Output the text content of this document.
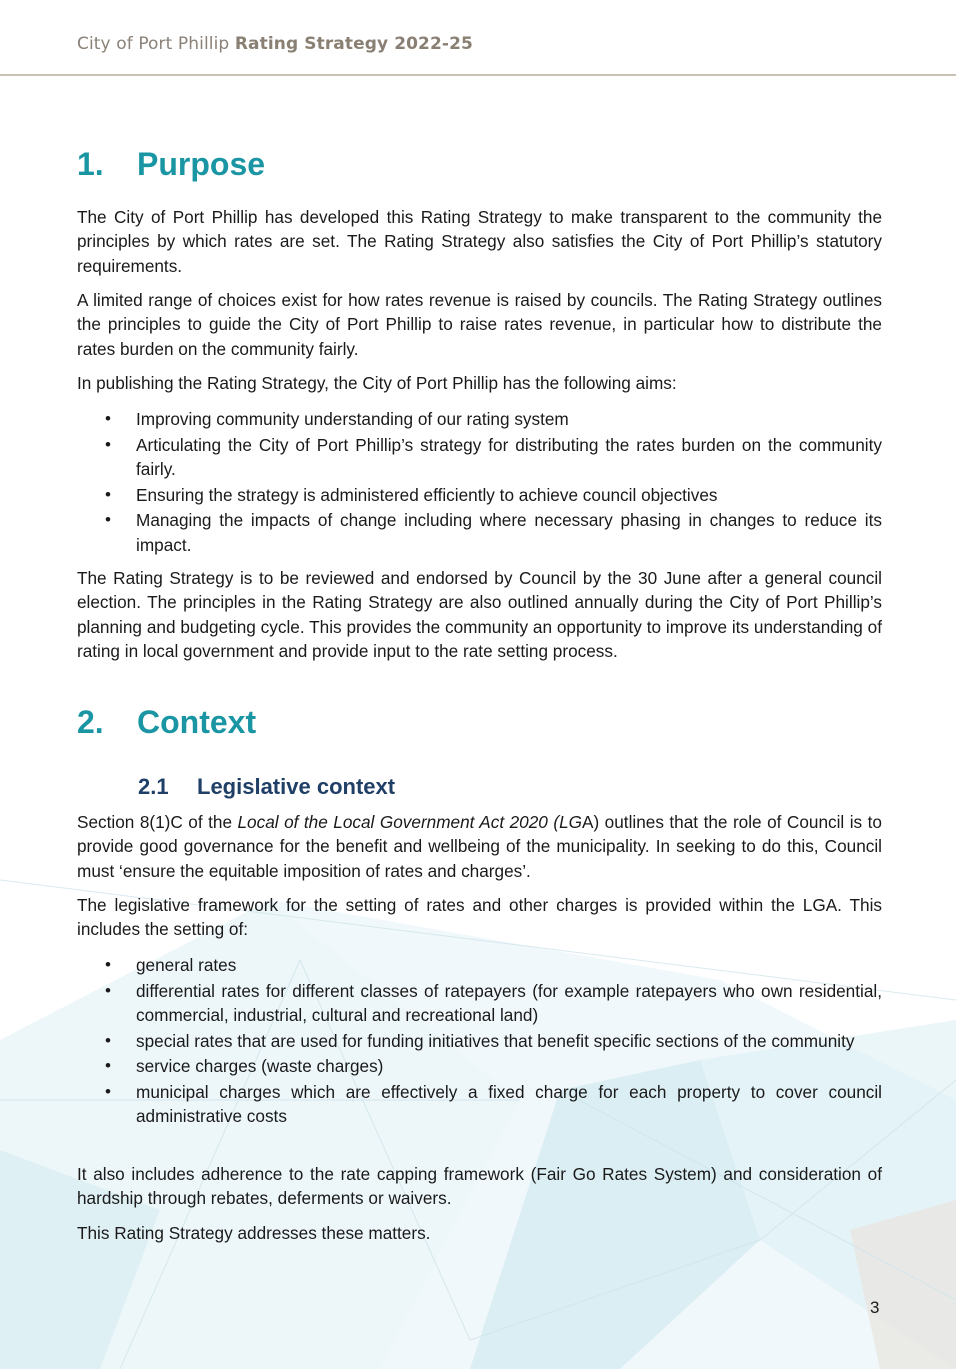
City of Port Phillip Rating Strategy 2022-25
1. Purpose

The City of Port Phillip has developed this Rating Strategy to make transparent to the community the principles by which rates are set. The Rating Strategy also satisfies the City of Port Phillip’s statutory requirements.

A limited range of choices exist for how rates revenue is raised by councils. The Rating Strategy outlines the principles to guide the City of Port Phillip to raise rates revenue, in particular how to distribute the rates burden on the community fairly.

In publishing the Rating Strategy, the City of Port Phillip has the following aims:

• Improving community understanding of our rating system
• Articulating the City of Port Phillip’s strategy for distributing the rates burden on the community fairly.
• Ensuring the strategy is administered efficiently to achieve council objectives
• Managing the impacts of change including where necessary phasing in changes to reduce its impact.

The Rating Strategy is to be reviewed and endorsed by Council by the 30 June after a general council election. The principles in the Rating Strategy are also outlined annually during the City of Port Phillip’s planning and budgeting cycle. This provides the community an opportunity to improve its understanding of rating in local government and provide input to the rate setting process.

2. Context
2.1 Legislative context

Section 8(1)C of the Local of the Local Government Act 2020 (LGA) outlines that the role of Council is to provide good governance for the benefit and wellbeing of the municipality. In seeking to do this, Council must ‘ensure the equitable imposition of rates and charges’.

The legislative framework for the setting of rates and other charges is provided within the LGA. This includes the setting of:

• general rates
• differential rates for different classes of ratepayers (for example ratepayers who own residential, commercial, industrial, cultural and recreational land)
• special rates that are used for funding initiatives that benefit specific sections of the community
• service charges (waste charges)
• municipal charges which are effectively a fixed charge for each property to cover council administrative costs

It also includes adherence to the rate capping framework (Fair Go Rates System) and consideration of hardship through rebates, deferments or waivers.

This Rating Strategy addresses these matters.

3
